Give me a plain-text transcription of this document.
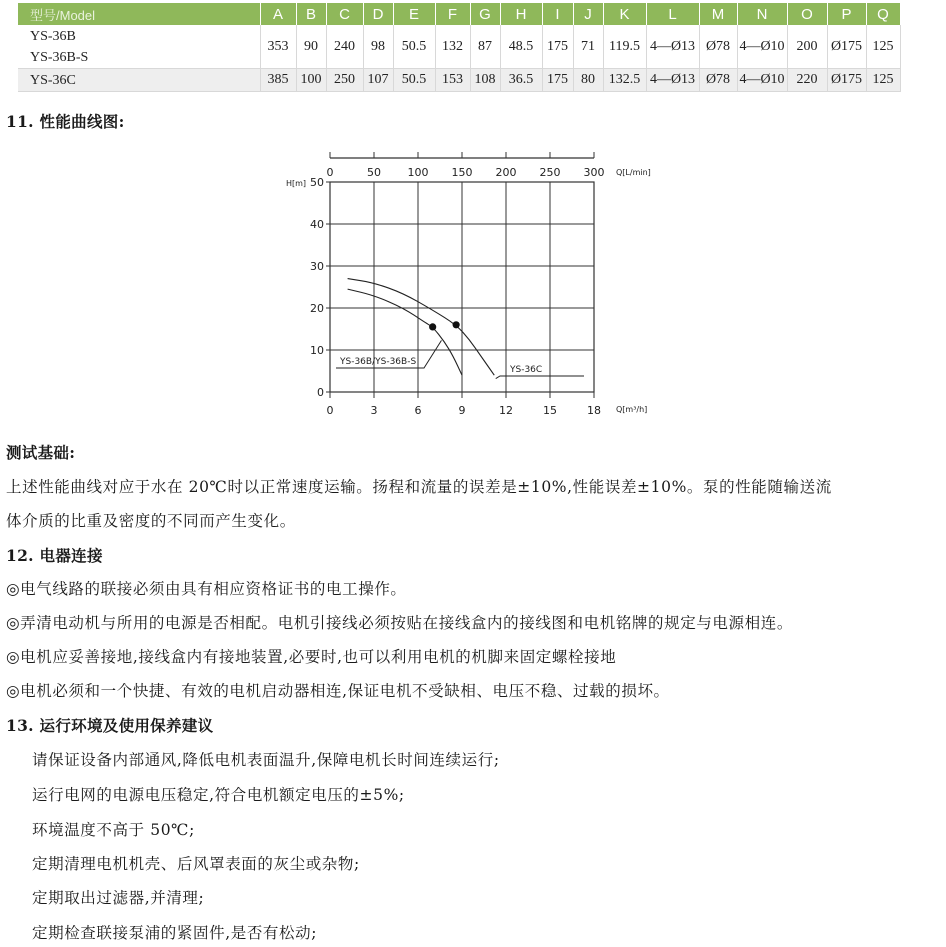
型号/Model	A	B	C	D	E	F	G	H	I	J	K	L	M	N	O	P	Q

YS-36B
YS-36B-S	353	90	240	98	50.5	132	87	48.5	175	71	119.5	4—Ø13	Ø78	4—Ø10	200	Ø175	125

YS-36C	385	100	250	107	50.5	153	108	36.5	175	80	132.5	4—Ø13	Ø78	4—Ø10	220	Ø175	125
11. 性能曲线图:
0	50 100 150 200 250 300 Q[L/min]
0	3	6	9	12	15	18 Q[m³/h]
0
10
20
30
40
50
H[m]
YS-36B/YS-36B-S
YS-36C
测试基础:

上述性能曲线对应于水在 20℃时以正常速度运输。扬程和流量的误差是±10%,性能误差±10%。泵的性能随输送流

体介质的比重及密度的不同而产生变化。

12. 电器连接

◎电气线路的联接必须由具有相应资格证书的电工操作。

◎弄清电动机与所用的电源是否相配。电机引接线必须按贴在接线盒内的接线图和电机铭牌的规定与电源相连。

◎电机应妥善接地,接线盒内有接地装置,必要时,也可以利用电机的机脚来固定螺栓接地

◎电机必须和一个快捷、有效的电机启动器相连,保证电机不受缺相、电压不稳、过载的损坏。

13. 运行环境及使用保养建议

请保证设备内部通风,降低电机表面温升,保障电机长时间连续运行;

运行电网的电源电压稳定,符合电机额定电压的±5%;

环境温度不高于 50℃;

定期清理电机机壳、后风罩表面的灰尘或杂物;

定期取出过滤器,并清理;

定期检查联接泵浦的紧固件,是否有松动;
